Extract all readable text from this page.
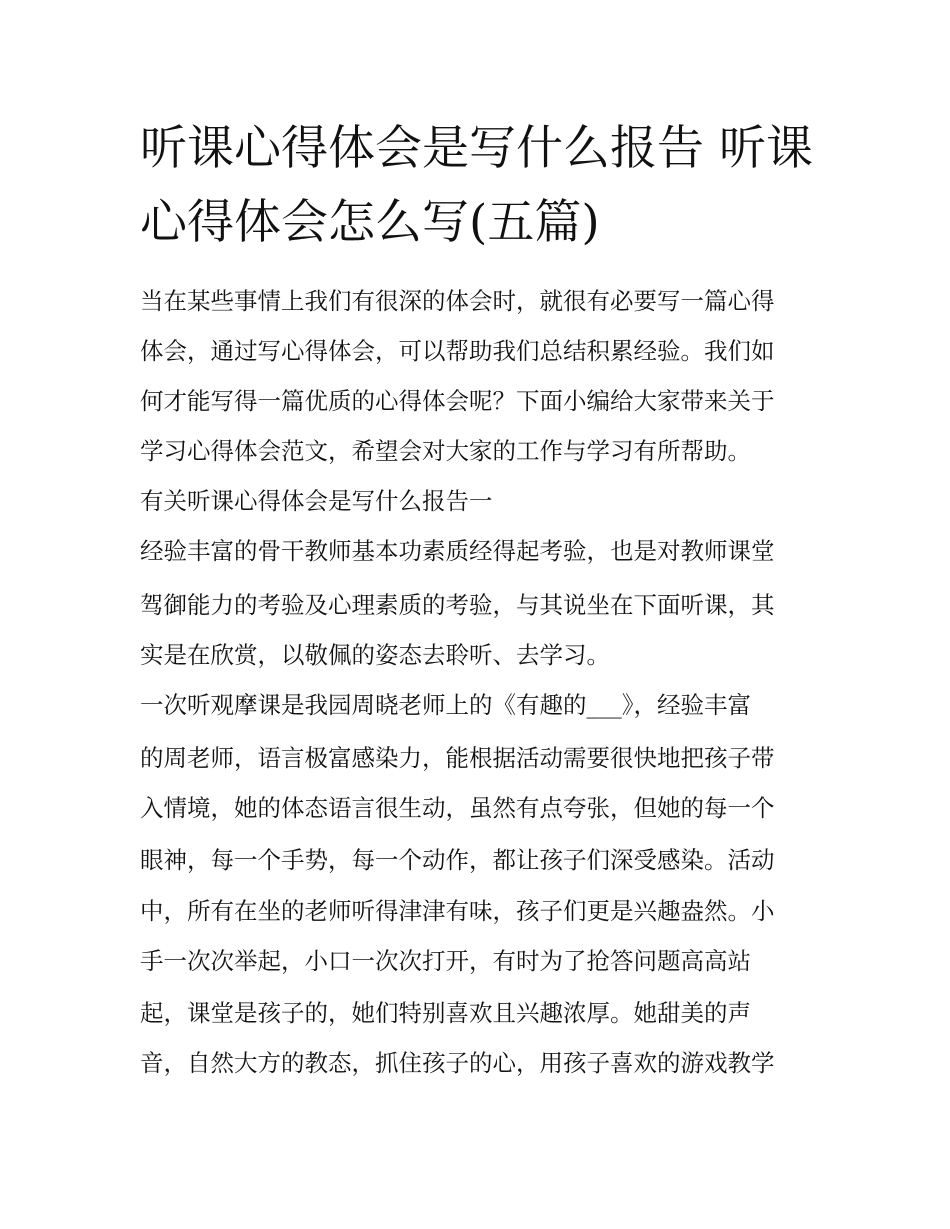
听课心得体会是写什么报告 听课心得体会怎么写(五篇)

当在某些事情上我们有很深的体会时，就很有必要写一篇心得

体会，通过写心得体会，可以帮助我们总结积累经验。我们如

何才能写得一篇优质的心得体会呢？下面小编给大家带来关于

学习心得体会范文，希望会对大家的工作与学习有所帮助。

有关听课心得体会是写什么报告一

经验丰富的骨干教师基本功素质经得起考验，也是对教师课堂

驾御能力的考验及心理素质的考验，与其说坐在下面听课，其

实是在欣赏，以敬佩的姿态去聆听、去学习。

一次听观摩课是我园周晓老师上的《有趣的___》，经验丰富

的周老师，语言极富感染力，能根据活动需要很快地把孩子带

入情境，她的体态语言很生动，虽然有点夸张，但她的每一个

眼神，每一个手势，每一个动作，都让孩子们深受感染。活动

中，所有在坐的老师听得津津有味，孩子们更是兴趣盎然。小

手一次次举起，小口一次次打开，有时为了抢答问题高高站

起，课堂是孩子的，她们特别喜欢且兴趣浓厚。她甜美的声

音，自然大方的教态，抓住孩子的心，用孩子喜欢的游戏教学
